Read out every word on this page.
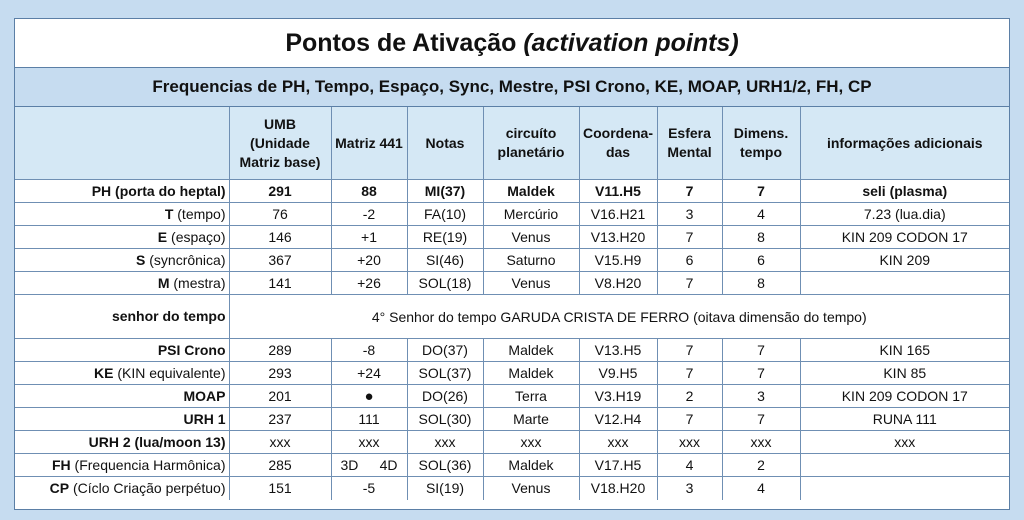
Pontos de Ativação (activation points)
Frequencias de PH, Tempo, Espaço, Sync, Mestre, PSI Crono, KE, MOAP, URH1/2, FH, CP
	UMB (Unidade Matriz base)	Matriz 441	Notas	circuíto planetário	Coordena-das	Esfera Mental	Dimens. tempo	informações adicionais
PH (porta do heptal)	291	88	MI(37)	Maldek	V11.H5	7	7	seli (plasma)
T (tempo)	76	-2	FA(10)	Mercúrio	V16.H21	3	4	7.23 (lua.dia)
E (espaço)	146	+1	RE(19)	Venus	V13.H20	7	8	KIN 209 CODON 17
S (syncrônica)	367	+20	SI(46)	Saturno	V15.H9	6	6	KIN 209
M (mestra)	141	+26	SOL(18)	Venus	V8.H20	7	8	
senhor do tempo	4° Senhor do tempo GARUDA CRISTA DE FERRO (oitava dimensão do tempo)							
PSI Crono	289	-8	DO(37)	Maldek	V13.H5	7	7	KIN 165
KE (KIN equivalente)	293	+24	SOL(37)	Maldek	V9.H5	7	7	KIN 85
MOAP	201	●	DO(26)	Terra	V3.H19	2	3	KIN 209 CODON 17
URH 1	237	111	SOL(30)	Marte	V12.H4	7	7	RUNA 111
URH 2 (lua/moon 13)	xxx	xxx	xxx	xxx	xxx	xxx	xxx	xxx
FH (Frequencia Harmônica)	285	3D 4D	SOL(36)	Maldek	V17.H5	4	2	
CP (Cíclo Criação perpétuo)	151	-5	SI(19)	Venus	V18.H20	3	4	
